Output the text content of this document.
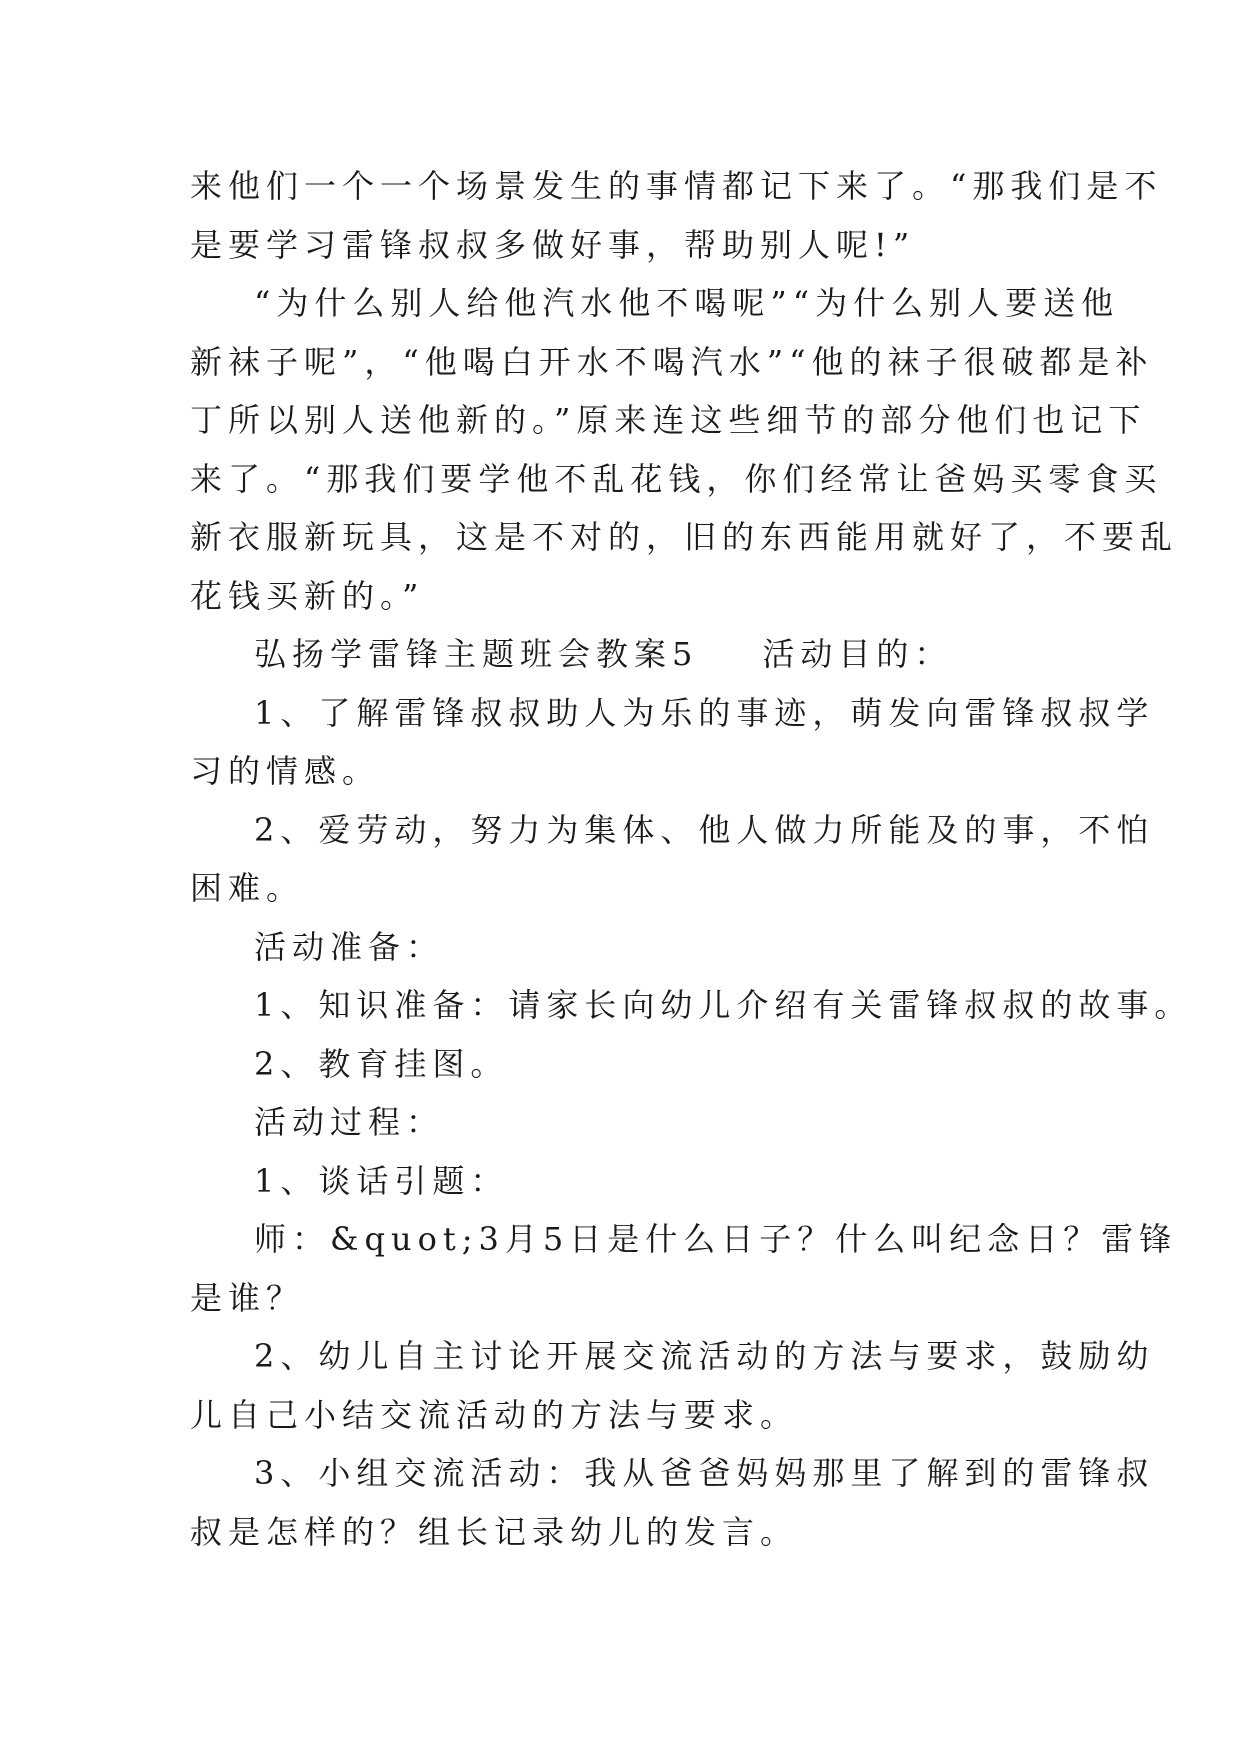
来他们一个一个场景发生的事情都记下来了。“那我们是不
是要学习雷锋叔叔多做好事，帮助别人呢!”
“为什么别人给他汽水他不喝呢”“为什么别人要送他
新袜子呢”，“他喝白开水不喝汽水”“他的袜子很破都是补
丁所以别人送他新的。”原来连这些细节的部分他们也记下
来了。“那我们要学他不乱花钱，你们经常让爸妈买零食买
新衣服新玩具，这是不对的，旧的东西能用就好了，不要乱
花钱买新的。”
弘扬学雷锋主题班会教案5 活动目的：
1、了解雷锋叔叔助人为乐的事迹，萌发向雷锋叔叔学
习的情感。
2、爱劳动，努力为集体、他人做力所能及的事，不怕
困难。
活动准备：
1、知识准备：请家长向幼儿介绍有关雷锋叔叔的故事。
2、教育挂图。
活动过程：
1、谈话引题：
师：&quot;3月5日是什么日子？什么叫纪念日？雷锋
是谁？
2、幼儿自主讨论开展交流活动的方法与要求，鼓励幼
儿自己小结交流活动的方法与要求。
3、小组交流活动：我从爸爸妈妈那里了解到的雷锋叔
叔是怎样的？组长记录幼儿的发言。
